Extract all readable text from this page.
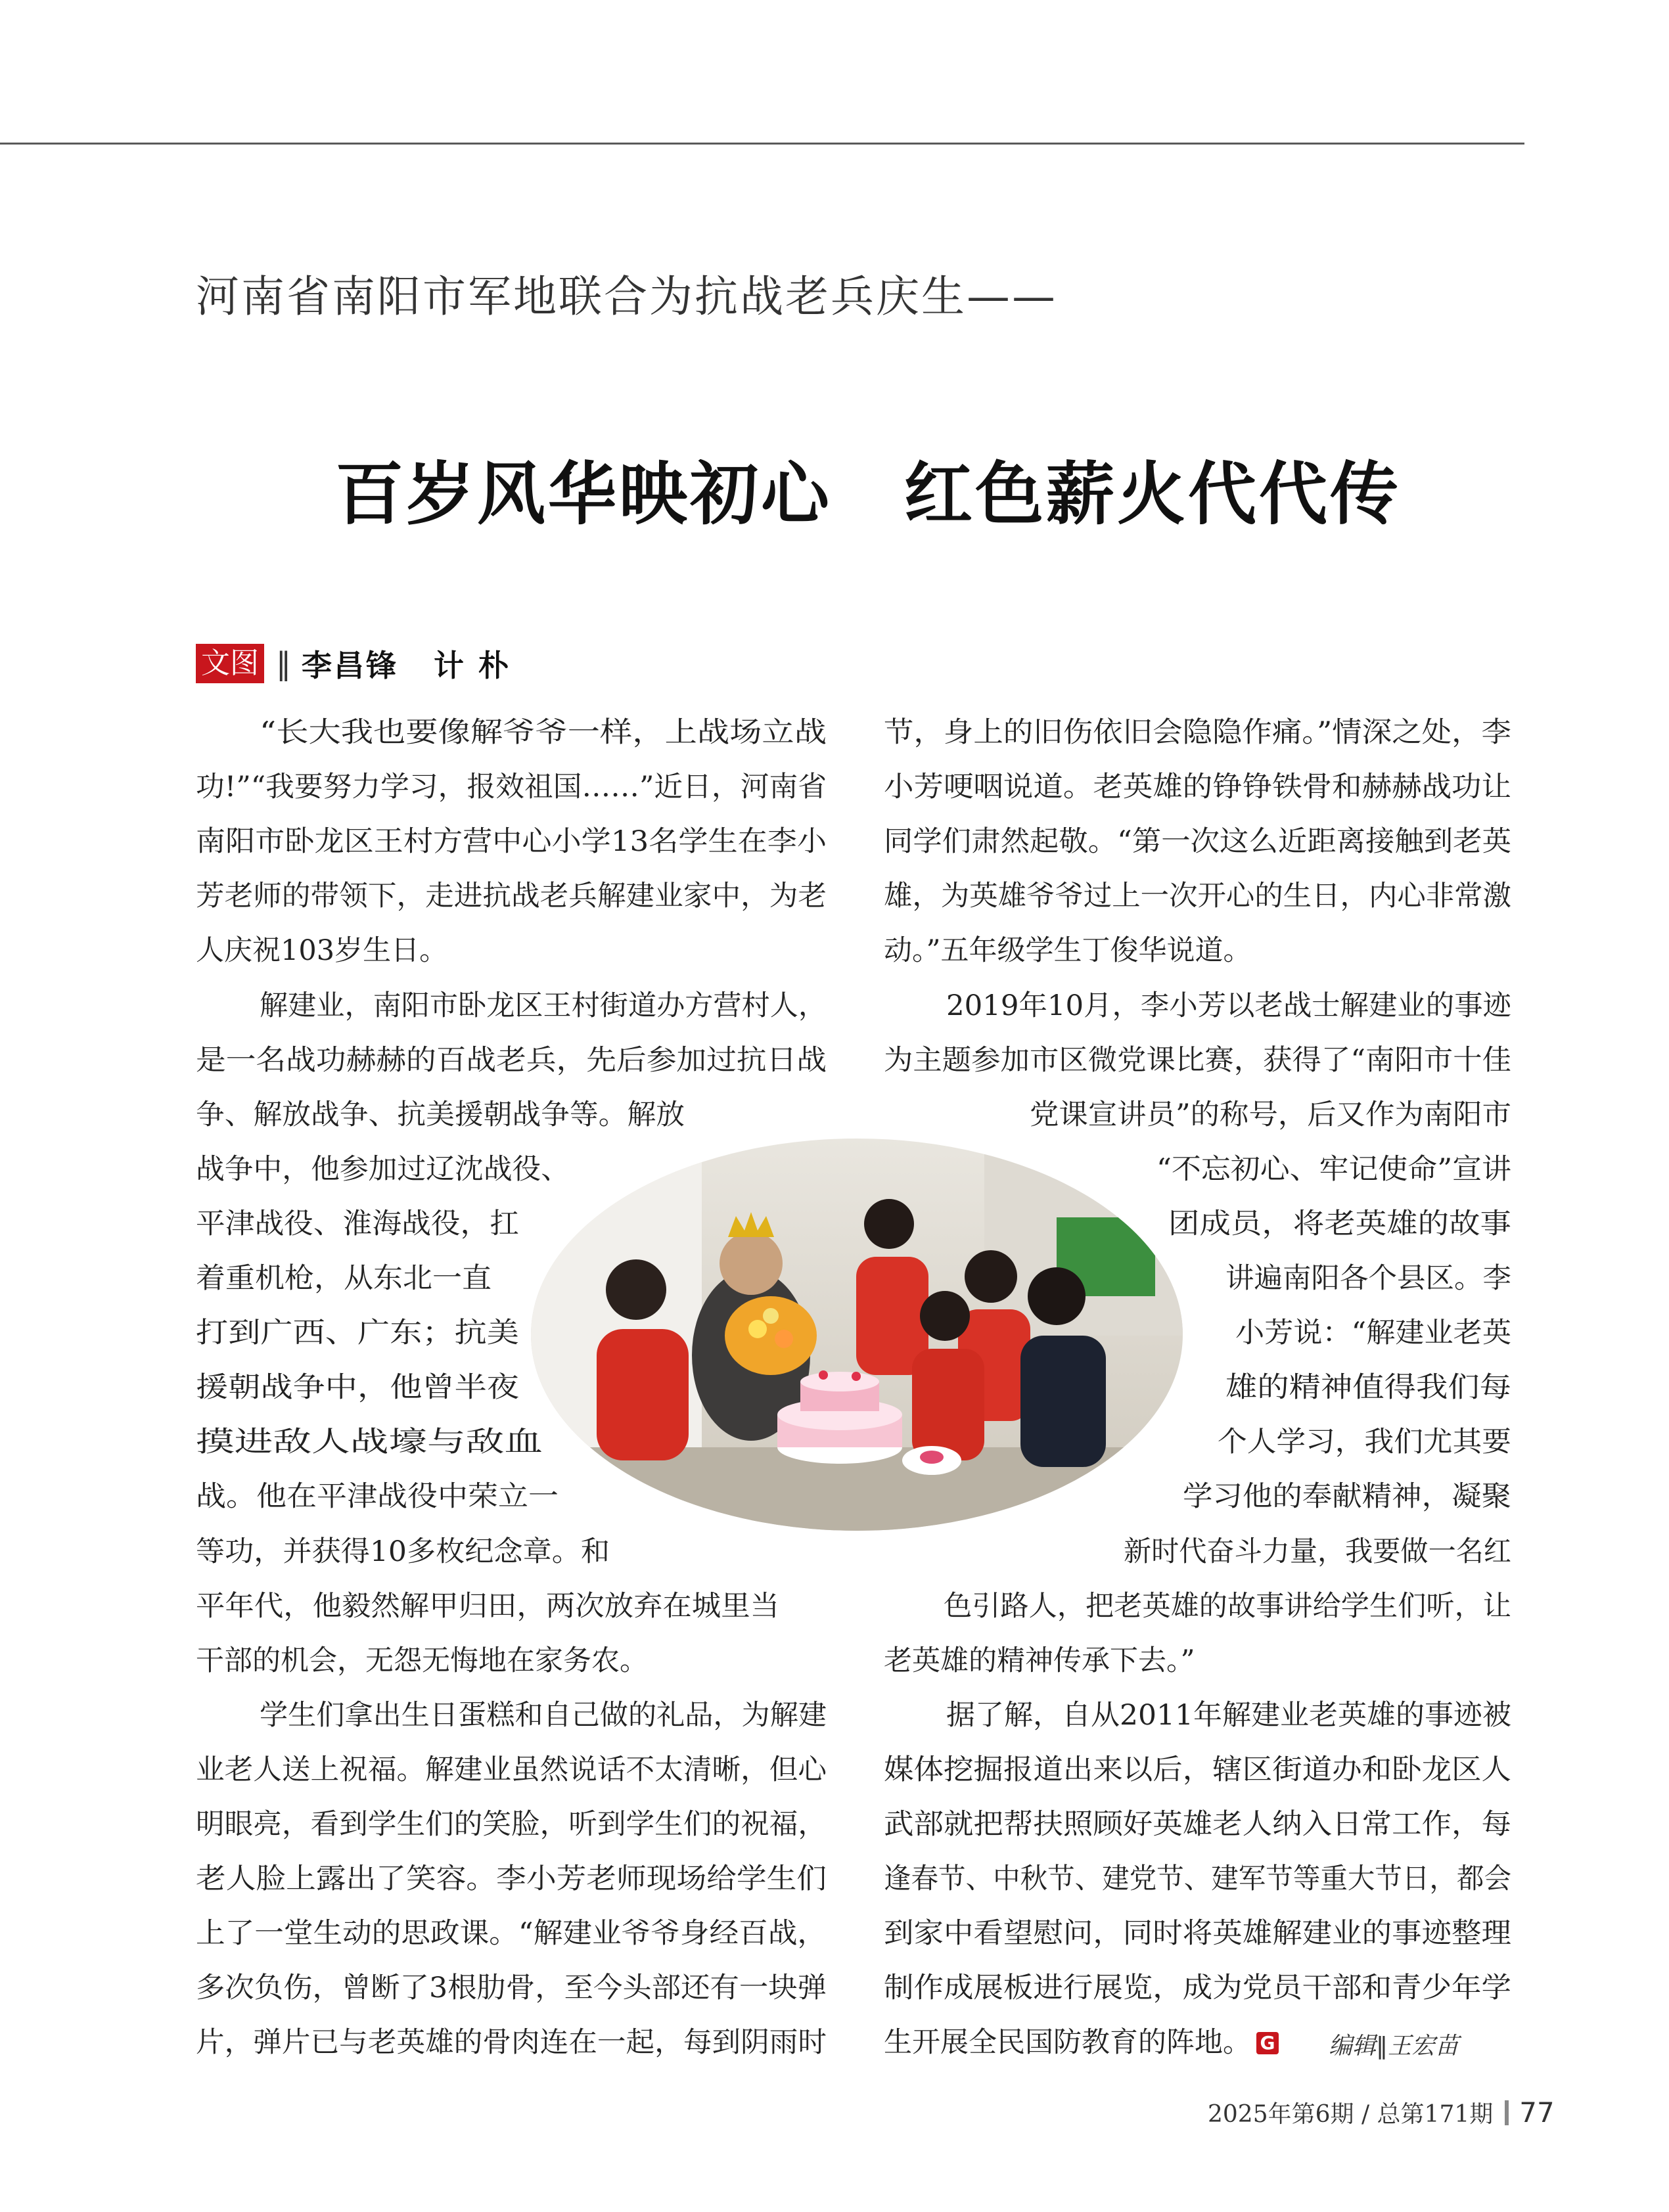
河南省南阳市军地联合为抗战老兵庆生——
百岁风华映初心 红色薪火代代传
文图 ‖ 李昌锋 计 朴
“长大我也要像解爷爷一样，上战场立战
功!”“我要努力学习，报效祖国……”近日，河南省
南阳市卧龙区王村方营中心小学13名学生在李小
芳老师的带领下，走进抗战老兵解建业家中，为老
人庆祝103岁生日。
解建业，南阳市卧龙区王村街道办方营村人，
是一名战功赫赫的百战老兵，先后参加过抗日战
争、解放战争、抗美援朝战争等。解放
战争中，他参加过辽沈战役、
平津战役、淮海战役，扛
着重机枪，从东北一直
打到广西、广东；抗美
援朝战争中，他曾半夜
摸进敌人战壕与敌血
战。他在平津战役中荣立一
等功，并获得10多枚纪念章。和
平年代，他毅然解甲归田，两次放弃在城里当
干部的机会，无怨无悔地在家务农。
学生们拿出生日蛋糕和自己做的礼品，为解建
业老人送上祝福。解建业虽然说话不太清晰，但心
明眼亮，看到学生们的笑脸，听到学生们的祝福，
老人脸上露出了笑容。李小芳老师现场给学生们
上了一堂生动的思政课。“解建业爷爷身经百战，
多次负伤，曾断了3根肋骨，至今头部还有一块弹
片，弹片已与老英雄的骨肉连在一起，每到阴雨时
节，身上的旧伤依旧会隐隐作痛。”情深之处，李
小芳哽咽说道。老英雄的铮铮铁骨和赫赫战功让
同学们肃然起敬。“第一次这么近距离接触到老英
雄，为英雄爷爷过上一次开心的生日，内心非常激
动。”五年级学生丁俊华说道。
2019年10月，李小芳以老战士解建业的事迹
为主题参加市区微党课比赛，获得了“南阳市十佳
党课宣讲员”的称号，后又作为南阳市
“不忘初心、牢记使命”宣讲
团成员，将老英雄的故事
讲遍南阳各个县区。李
小芳说：“解建业老英
雄的精神值得我们每
个人学习，我们尤其要
学习他的奉献精神，凝聚
新时代奋斗力量，我要做一名红
色引路人，把老英雄的故事讲给学生们听，让
老英雄的精神传承下去。”
据了解，自从2011年解建业老英雄的事迹被
媒体挖掘报道出来以后，辖区街道办和卧龙区人
武部就把帮扶照顾好英雄老人纳入日常工作，每
逢春节、中秋节、建党节、建军节等重大节日，都会
到家中看望慰问，同时将英雄解建业的事迹整理
制作成展板进行展览，成为党员干部和青少年学
生开展全民国防教育的阵地。 G 编辑‖王宏苗
2025年第6期 / 总第171期 77
